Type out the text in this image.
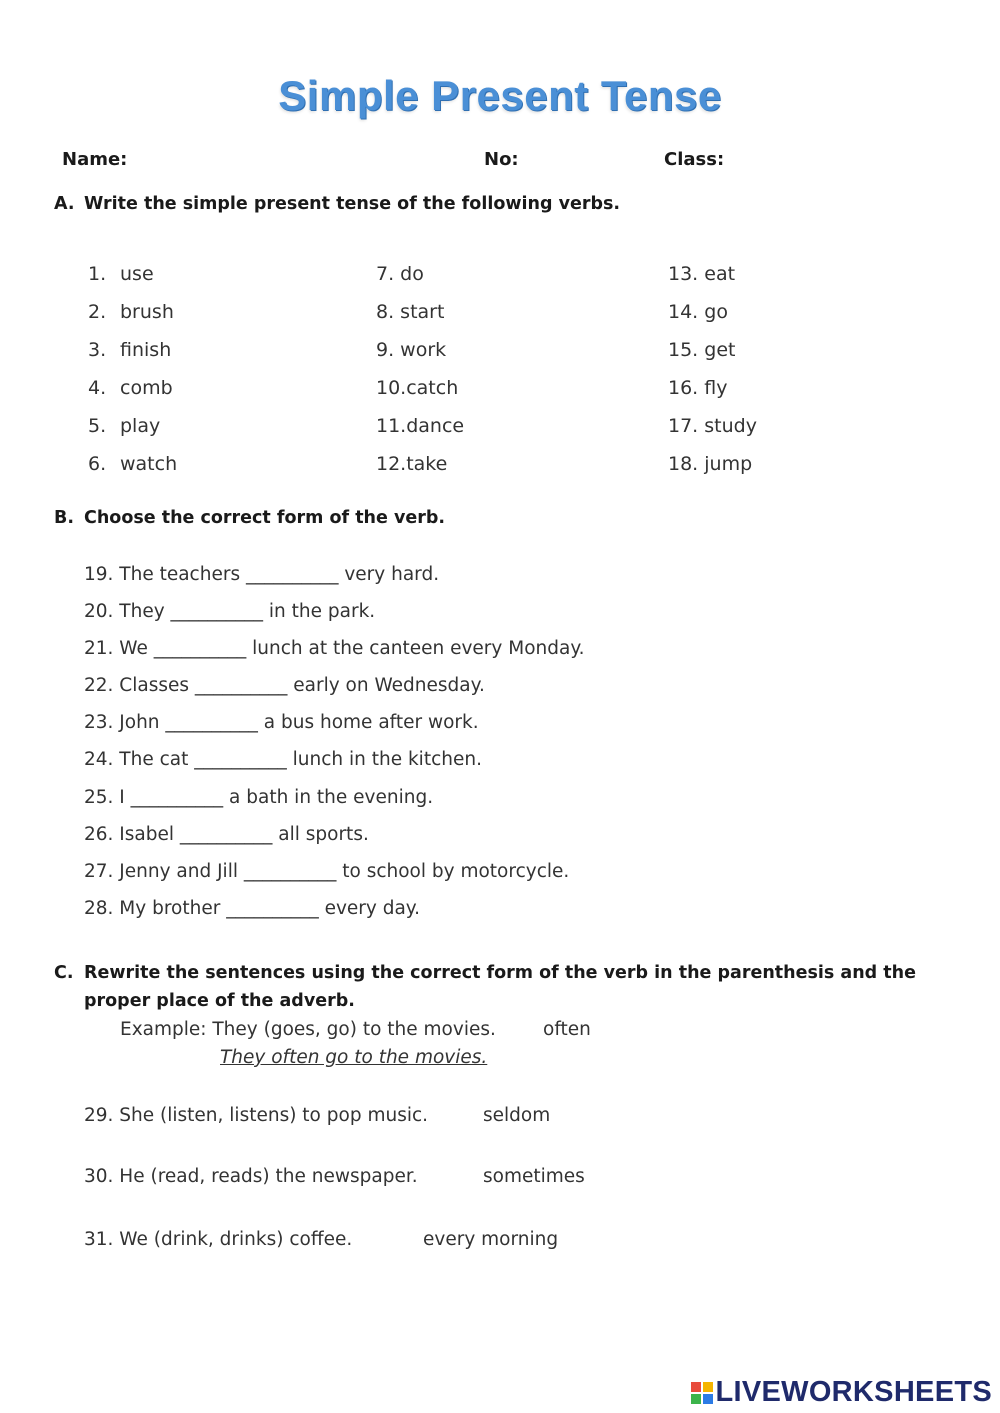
Simple Present Tense
Name:	No:	Class:
A. Write the simple present tense of the following verbs.
1. use
2. brush
3. finish
4. comb
5. play
6. watch
7. do
8. start
9. work
10.catch
11.dance
12.take
13. eat
14. go
15. get
16. fly
17. study
18. jump
B. Choose the correct form of the verb.
19. The teachers __________ very hard.
20. They __________ in the park.
21. We __________ lunch at the canteen every Monday.
22. Classes __________ early on Wednesday.
23. John __________ a bus home after work.
24. The cat __________ lunch in the kitchen.
25. I __________ a bath in the evening.
26. Isabel __________ all sports.
27. Jenny and Jill __________ to school by motorcycle.
28. My brother __________ every day.
C. Rewrite the sentences using the correct form of the verb in the parenthesis and the
proper place of the adverb.
Example: They (goes, go) to the movies.	often
They often go to the movies.
29. She (listen, listens) to pop music.	seldom
30. He (read, reads) the newspaper.	sometimes
31. We (drink, drinks) coffee.	every morning
LIVEWORKSHEETS
